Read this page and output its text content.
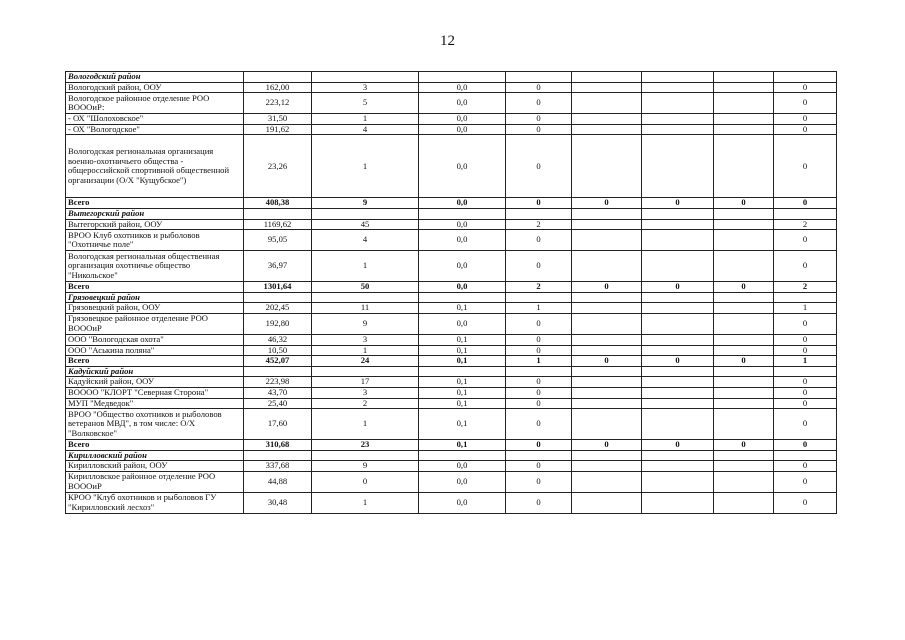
12
Вологодский район									
Вологодский район, ООУ	162,00	3	0,0	0				0	
Вологодское районное отделение РОО ВОООиР:	223,12	5	0,0	0				0	
- ОХ "Шолоховское"	31,50	1	0,0	0				0	
- ОХ "Вологодское"	191,62	4	0,0	0				0	
Вологодская региональная организация военно-охотничьего общества - общероссийской спортивной общественной организации (О/Х "Кущубское")	23,26	1	0,0	0				0	
Всего	408,38	9	0,0	0	0	0	0	0	
Вытегорский район									
Вытегорский район, ООУ	1169,62	45	0,0	2				2	
ВРОО Клуб охотников и рыболовов "Охотничье поле"	95,05	4	0,0	0				0	
Вологодская региональная общественная организация охотничье общество "Никольское"	36,97	1	0,0	0				0	
Всего	1301,64	50	0,0	2	0	0	0	2	
Грязовецкий район									
Грязовецкий район, ООУ	202,45	11	0,1	1				1	
Грязовецкое районное отделение РОО ВОООиР	192,80	9	0,0	0				0	
ООО "Вологодская охота"	46,32	3	0,1	0				0	
ООО "Аськина поляна"	10,50	1	0,1	0				0	
Всего	452,07	24	0,1	1	0	0	0	1	
Кадуйский район									
Кадуйский район, ООУ	223,98	17	0,1	0				0	
ВОООО "КЛОРТ "Северная Сторона"	43,70	3	0,1	0				0	
МУП "Медведок"	25,40	2	0,1	0				0	
ВРОО "Общество охотников и рыболовов ветеранов МВД", в том числе: О/Х "Волковское"	17,60	1	0,1	0				0	
Всего	310,68	23	0,1	0	0	0	0	0	
Кирилловский район									
Кирилловский район, ООУ	337,68	9	0,0	0				0	
Кирилловское районное отделение РОО ВОООиР	44,88	0	0,0	0				0	
КРОО "Клуб охотников и рыболовов ГУ "Кирилловский лесхоз"	30,48	1	0,0	0				0	
